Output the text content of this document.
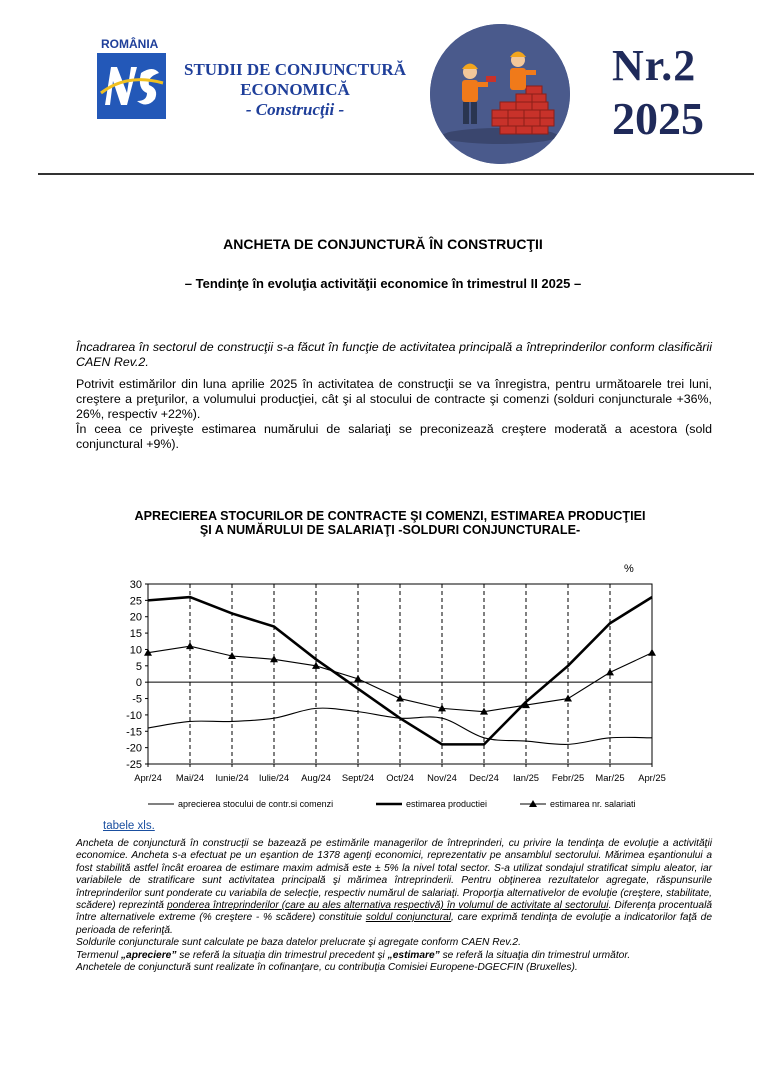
ROMÂNIA
STUDII DE CONJUNCTURĂ
ECONOMICĂ
- Construcţii -
Nr.2
2025
ANCHETA DE CONJUNCTURĂ ÎN CONSTRUCŢII
– Tendinţe în evoluţia activităţii economice în trimestrul II 2025 –
Încadrarea în sectorul de construcţii s-a făcut în funcţie de activitatea principală a întreprinderilor conform clasificării CAEN Rev.2.
Potrivit estimărilor din luna aprilie 2025 în activitatea de construcţii se va înregistra, pentru următoarele trei luni, creştere a preţurilor, a volumului producţiei, cât şi al stocului de contracte şi comenzi (solduri conjuncturale +36%, 26%, respectiv +22%).
În ceea ce priveşte estimarea numărului de salariaţi se preconizează creştere moderată a acestora (sold conjunctural +9%).
APRECIEREA STOCURILOR DE CONTRACTE ŞI COMENZI, ESTIMAREA PRODUCŢIEI
ŞI A NUMĂRULUI DE SALARIAŢI -SOLDURI CONJUNCTURALE-
%
30
25
20
15
10
5
0
-5
-10
-15
-20
-25
Apr/24 Mai/24 Iunie/24 Iulie/24 Aug/24 Sept/24 Oct/24 Nov/24 Dec/24 Ian/25 Febr/25 Mar/25 Apr/25
aprecierea stocului de contr.si comenzi	estimarea productiei	estimarea nr. salariati
tabele xls.
Ancheta de conjunctură în construcţii se bazează pe estimările managerilor de întreprinderi, cu privire la tendinţa de evoluţie a activităţii economice. Ancheta s-a efectuat pe un eşantion de 1378 agenţi economici, reprezentativ pe ansamblul sectorului. Mărimea eşantionului a fost stabilită astfel încât eroarea de estimare maxim admisă este ± 5% la nivel total sector. S-a utilizat sondajul stratificat simplu aleator, iar variabilele de stratificare sunt activitatea principală şi mărimea întreprinderii. Pentru obţinerea rezultatelor agregate, răspunsurile întreprinderilor sunt ponderate cu variabila de selecţie, respectiv numărul de salariaţi. Proporţia alternativelor de evoluţie (creştere, stabilitate, scădere) reprezintă ponderea întreprinderilor (care au ales alternativa respectivă) în volumul de activitate al sectorului. Diferenţa procentuală între alternativele extreme (% creştere - % scădere) constituie soldul conjunctural, care exprimă tendinţa de evoluţie a indicatorilor faţă de perioada de referinţă.
Soldurile conjuncturale sunt calculate pe baza datelor prelucrate şi agregate conform CAEN Rev.2.
Termenul „apreciere” se referă la situaţia din trimestrul precedent şi „estimare” se referă la situaţia din trimestrul următor.
Anchetele de conjunctură sunt realizate în cofinanţare, cu contribuţia Comisiei Europene-DGECFIN (Bruxelles).
